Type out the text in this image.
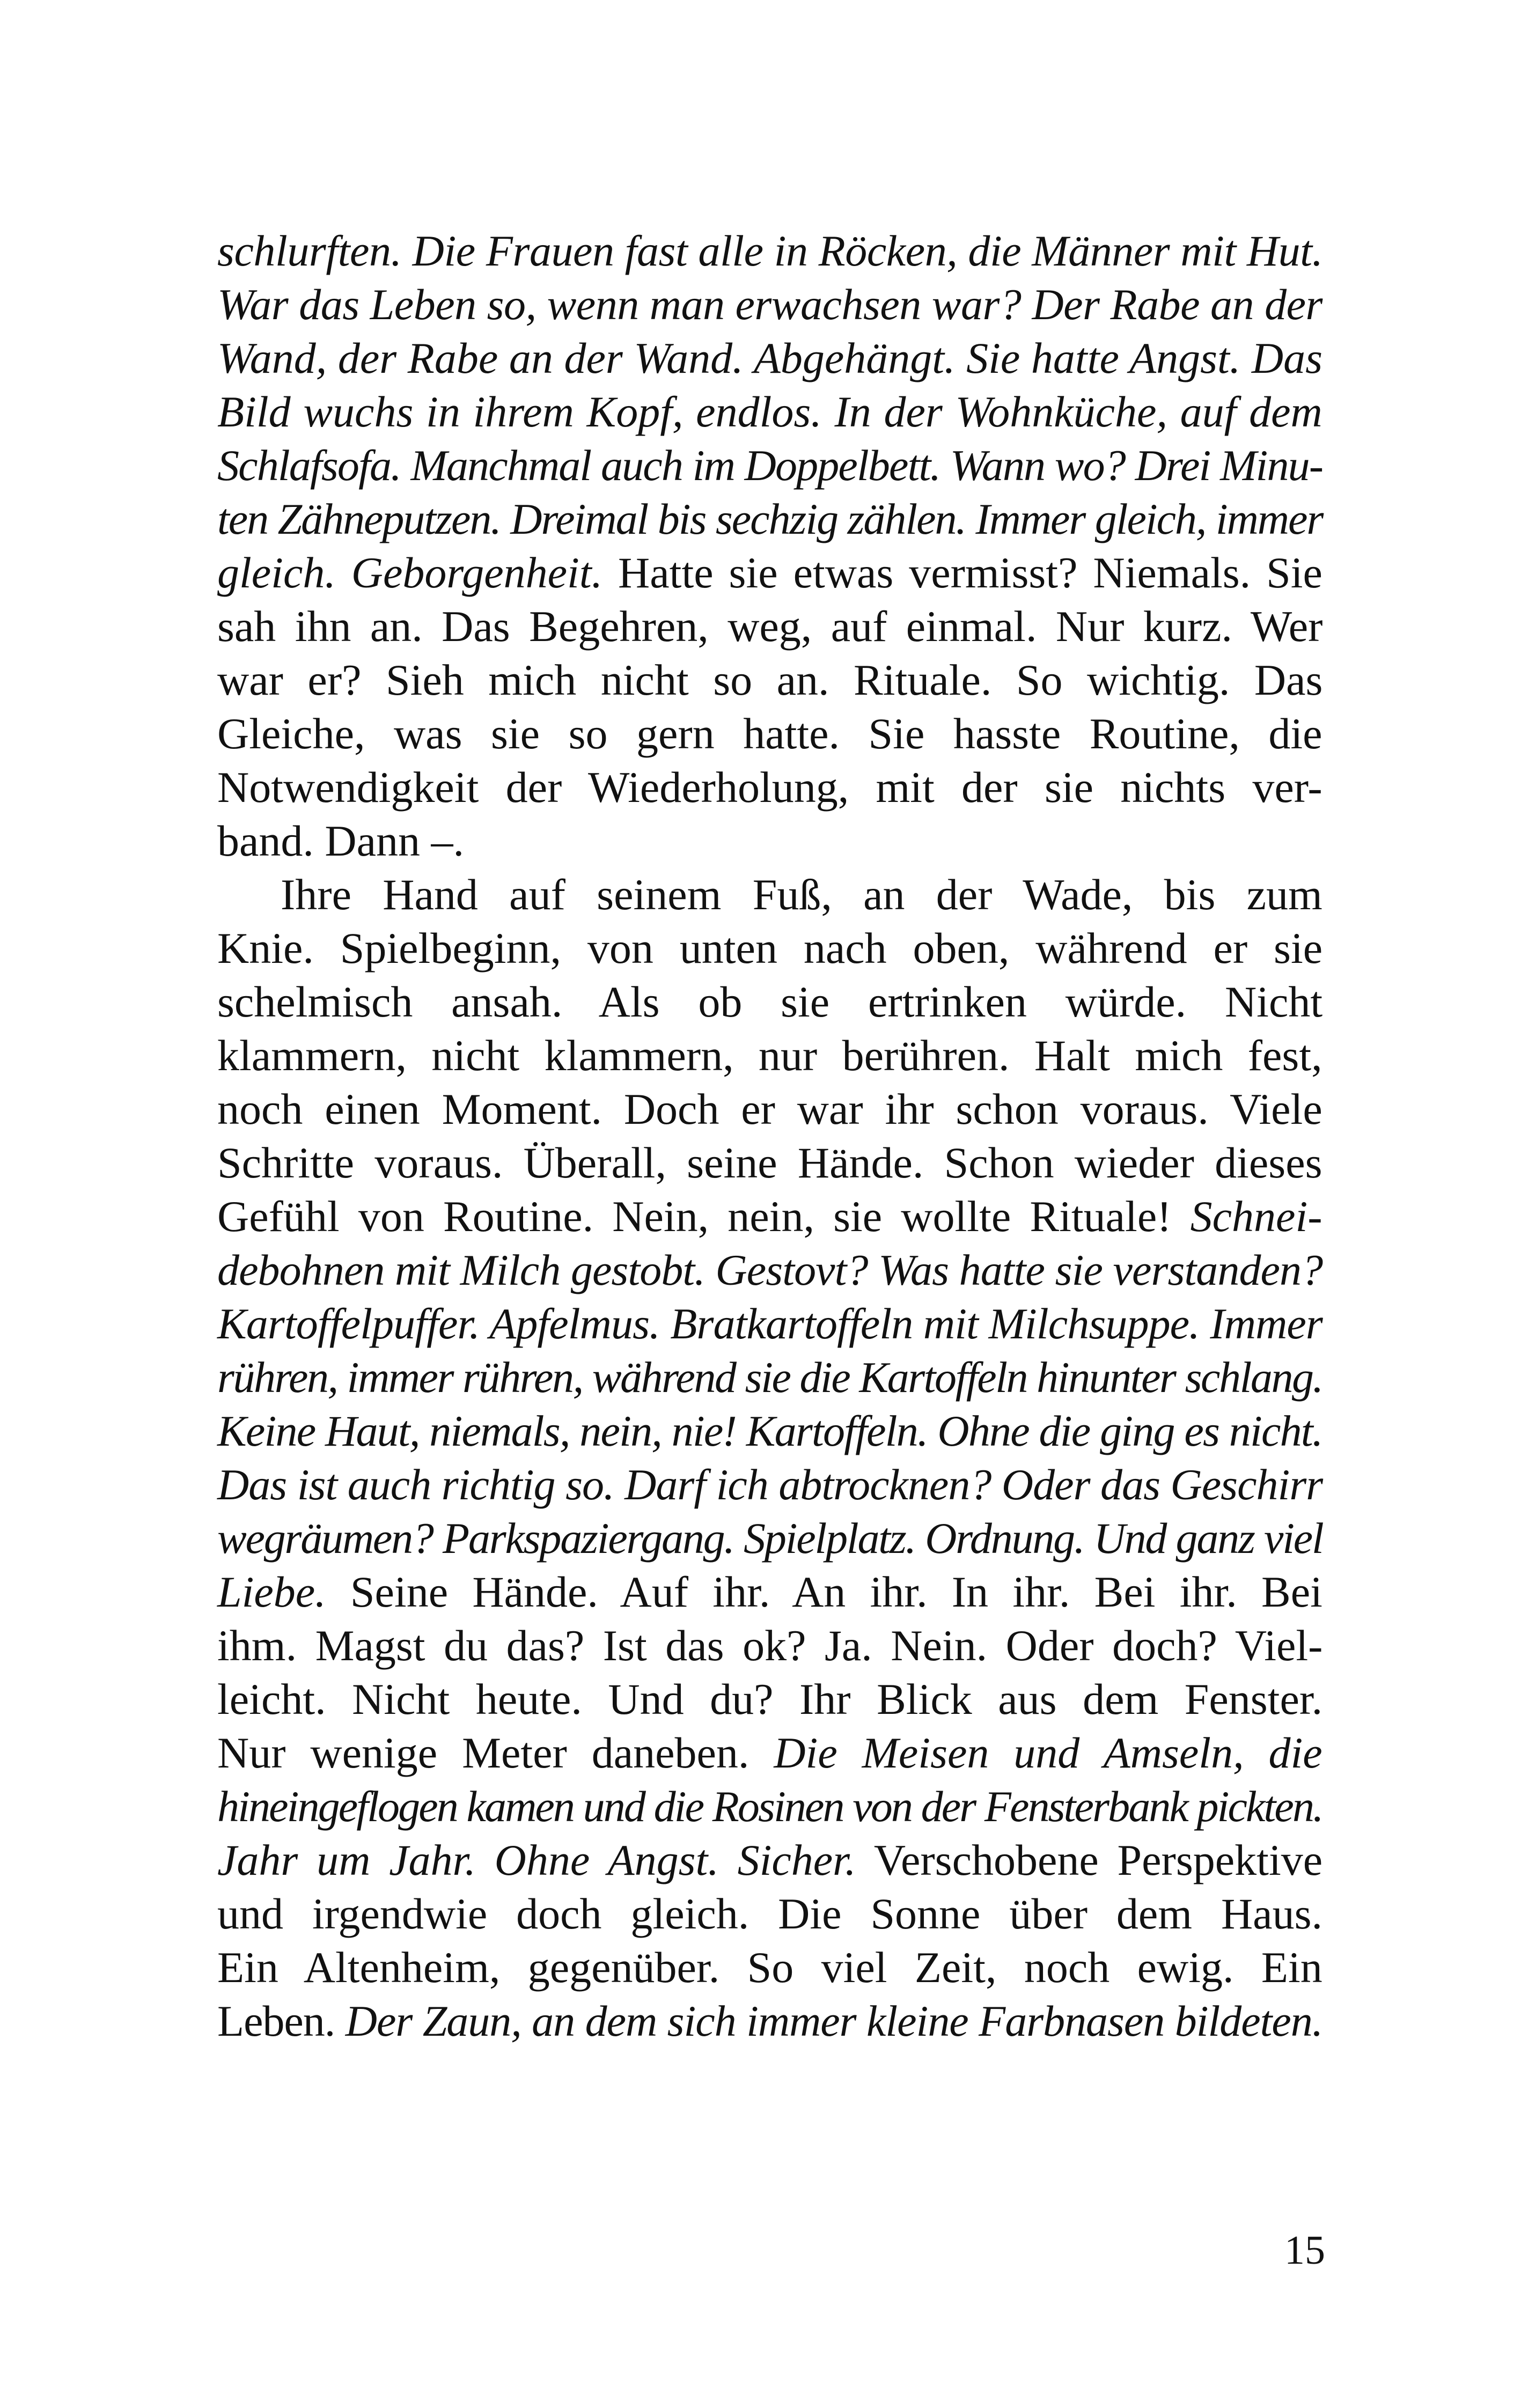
schlurften. Die Frauen fast alle in Röcken, die Männer mit Hut.
War das Leben so, wenn man erwachsen war? Der Rabe an der
Wand, der Rabe an der Wand. Abgehängt. Sie hatte Angst. Das
Bild wuchs in ihrem Kopf, endlos. In der Wohnküche, auf dem
Schlafsofa. Manchmal auch im Doppelbett. Wann wo? Drei Minu-
ten Zähneputzen. Dreimal bis sechzig zählen. Immer gleich, immer
gleich. Geborgenheit. Hatte sie etwas vermisst? Niemals. Sie
sah ihn an. Das Begehren, weg, auf einmal. Nur kurz. Wer
war er? Sieh mich nicht so an. Rituale. So wichtig. Das
Gleiche, was sie so gern hatte. Sie hasste Routine, die
Notwendigkeit der Wiederholung, mit der sie nichts ver-
band. Dann –.
Ihre Hand auf seinem Fuß, an der Wade, bis zum
Knie. Spielbeginn, von unten nach oben, während er sie
schelmisch ansah. Als ob sie ertrinken würde. Nicht
klammern, nicht klammern, nur berühren. Halt mich fest,
noch einen Moment. Doch er war ihr schon voraus. Viele
Schritte voraus. Überall, seine Hände. Schon wieder dieses
Gefühl von Routine. Nein, nein, sie wollte Rituale! Schnei-
debohnen mit Milch gestobt. Gestovt? Was hatte sie verstanden?
Kartoffelpuffer. Apfelmus. Bratkartoffeln mit Milchsuppe. Immer
rühren, immer rühren, während sie die Kartoffeln hinunter schlang.
Keine Haut, niemals, nein, nie! Kartoffeln. Ohne die ging es nicht.
Das ist auch richtig so. Darf ich abtrocknen? Oder das Geschirr
wegräumen? Parkspaziergang. Spielplatz. Ordnung. Und ganz viel
Liebe. Seine Hände. Auf ihr. An ihr. In ihr. Bei ihr. Bei
ihm. Magst du das? Ist das ok? Ja. Nein. Oder doch? Viel-
leicht. Nicht heute. Und du? Ihr Blick aus dem Fenster.
Nur wenige Meter daneben. Die Meisen und Amseln, die
hineingeflogen kamen und die Rosinen von der Fensterbank pickten.
Jahr um Jahr. Ohne Angst. Sicher. Verschobene Perspektive
und irgendwie doch gleich. Die Sonne über dem Haus.
Ein Altenheim, gegenüber. So viel Zeit, noch ewig. Ein
Leben. Der Zaun, an dem sich immer kleine Farbnasen bildeten.
15
